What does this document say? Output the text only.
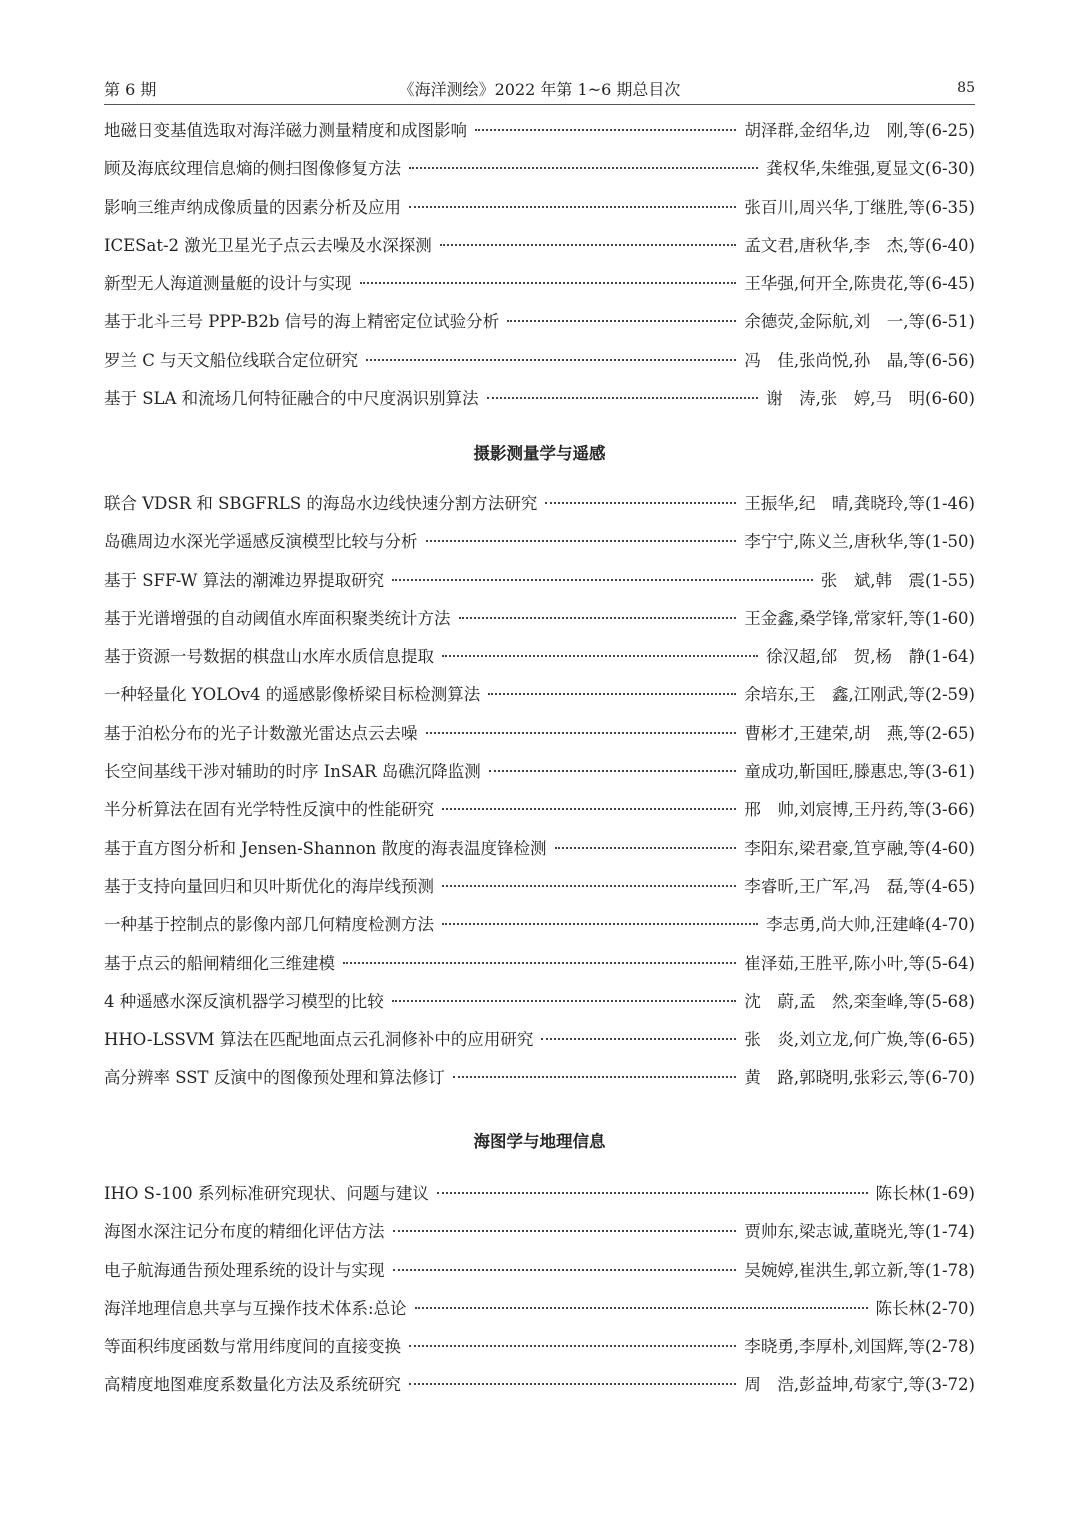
第 6 期	《海洋测绘》2022 年第 1~6 期总目次	85
地磁日变基值选取对海洋磁力测量精度和成图影响	胡泽群,金绍华,边　刚,等(6-25)
顾及海底纹理信息熵的侧扫图像修复方法	龚权华,朱维强,夏显文(6-30)
影响三维声纳成像质量的因素分析及应用	张百川,周兴华,丁继胜,等(6-35)
ICESat-2 激光卫星光子点云去噪及水深探测	孟文君,唐秋华,李　杰,等(6-40)
新型无人海道测量艇的设计与实现	王华强,何开全,陈贵花,等(6-45)
基于北斗三号 PPP-B2b 信号的海上精密定位试验分析	余德荧,金际航,刘　一,等(6-51)
罗兰 C 与天文船位线联合定位研究	冯　佳,张尚悦,孙　晶,等(6-56)
基于 SLA 和流场几何特征融合的中尺度涡识别算法	谢　涛,张　婷,马　明(6-60)
摄影测量学与遥感
联合 VDSR 和 SBGFRLS 的海岛水边线快速分割方法研究	王振华,纪　晴,龚晓玲,等(1-46)
岛礁周边水深光学遥感反演模型比较与分析	李宁宁,陈义兰,唐秋华,等(1-50)
基于 SFF-W 算法的潮滩边界提取研究	张　斌,韩　震(1-55)
基于光谱增强的自动阈值水库面积聚类统计方法	王金鑫,桑学锋,常家轩,等(1-60)
基于资源一号数据的棋盘山水库水质信息提取	徐汉超,邰　贺,杨　静(1-64)
一种轻量化 YOLOv4 的遥感影像桥梁目标检测算法	余培东,王　鑫,江刚武,等(2-59)
基于泊松分布的光子计数激光雷达点云去噪	曹彬才,王建荣,胡　燕,等(2-65)
长空间基线干涉对辅助的时序 InSAR 岛礁沉降监测	童成功,靳国旺,滕惠忠,等(3-61)
半分析算法在固有光学特性反演中的性能研究	邢　帅,刘宸博,王丹药,等(3-66)
基于直方图分析和 Jensen-Shannon 散度的海表温度锋检测	李阳东,梁君豪,笪亨融,等(4-60)
基于支持向量回归和贝叶斯优化的海岸线预测	李睿昕,王广军,冯　磊,等(4-65)
一种基于控制点的影像内部几何精度检测方法	李志勇,尚大帅,汪建峰(4-70)
基于点云的船闸精细化三维建模	崔泽茹,王胜平,陈小叶,等(5-64)
4 种遥感水深反演机器学习模型的比较	沈　蔚,孟　然,栾奎峰,等(5-68)
HHO-LSSVM 算法在匹配地面点云孔洞修补中的应用研究	张　炎,刘立龙,何广焕,等(6-65)
高分辨率 SST 反演中的图像预处理和算法修订	黄　路,郭晓明,张彩云,等(6-70)
海图学与地理信息
IHO S-100 系列标准研究现状、问题与建议	陈长林(1-69)
海图水深注记分布度的精细化评估方法	贾帅东,梁志诚,董晓光,等(1-74)
电子航海通告预处理系统的设计与实现	吴婉婷,崔洪生,郭立新,等(1-78)
海洋地理信息共享与互操作技术体系:总论	陈长林(2-70)
等面积纬度函数与常用纬度间的直接变换	李晓勇,李厚朴,刘国辉,等(2-78)
高精度地图难度系数量化方法及系统研究	周　浩,彭益坤,苟家宁,等(3-72)
